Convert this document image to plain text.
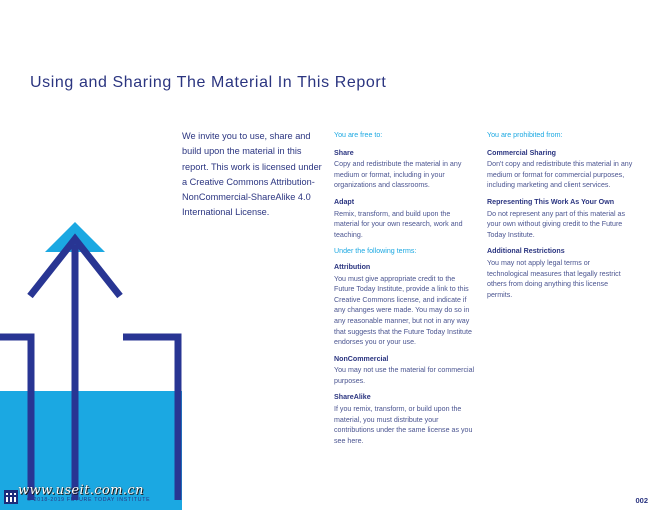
Using and Sharing The Material In This Report

We invite you to use, share and build upon the material in this report. This work is licensed under a Creative Commons Attribution-NonCommercial-ShareAlike 4.0 International License.

You are free to:
Share
Copy and redistribute the material in any medium or format, including in your organizations and classrooms.
Adapt
Remix, transform, and build upon the material for your own research, work and teaching.
Under the following terms:
Attribution
You must give appropriate credit to the Future Today Institute, provide a link to this Creative Commons license, and indicate if any changes were made. You may do so in any reasonable manner, but not in any way that suggests that the Future Today Institute endorses you or your use.
NonCommercial
You may not use the material for commercial purposes.
ShareAlike
If you remix, transform, or build upon the material, you must distribute your contributions under the same license as you see here.
You are prohibited from:
Commercial Sharing
Don't copy and redistribute this material in any medium or format for commercial purposes, including marketing and client services.
Representing This Work As Your Own
Do not represent any part of this material as your own without giving credit to the Future Today Institute.
Additional Restrictions
You may not apply legal terms or technological measures that legally restrict others from doing anything this license permits.
© 2018-2019 FUTURE TODAY INSTITUTE
www.useit.com.cn
002
